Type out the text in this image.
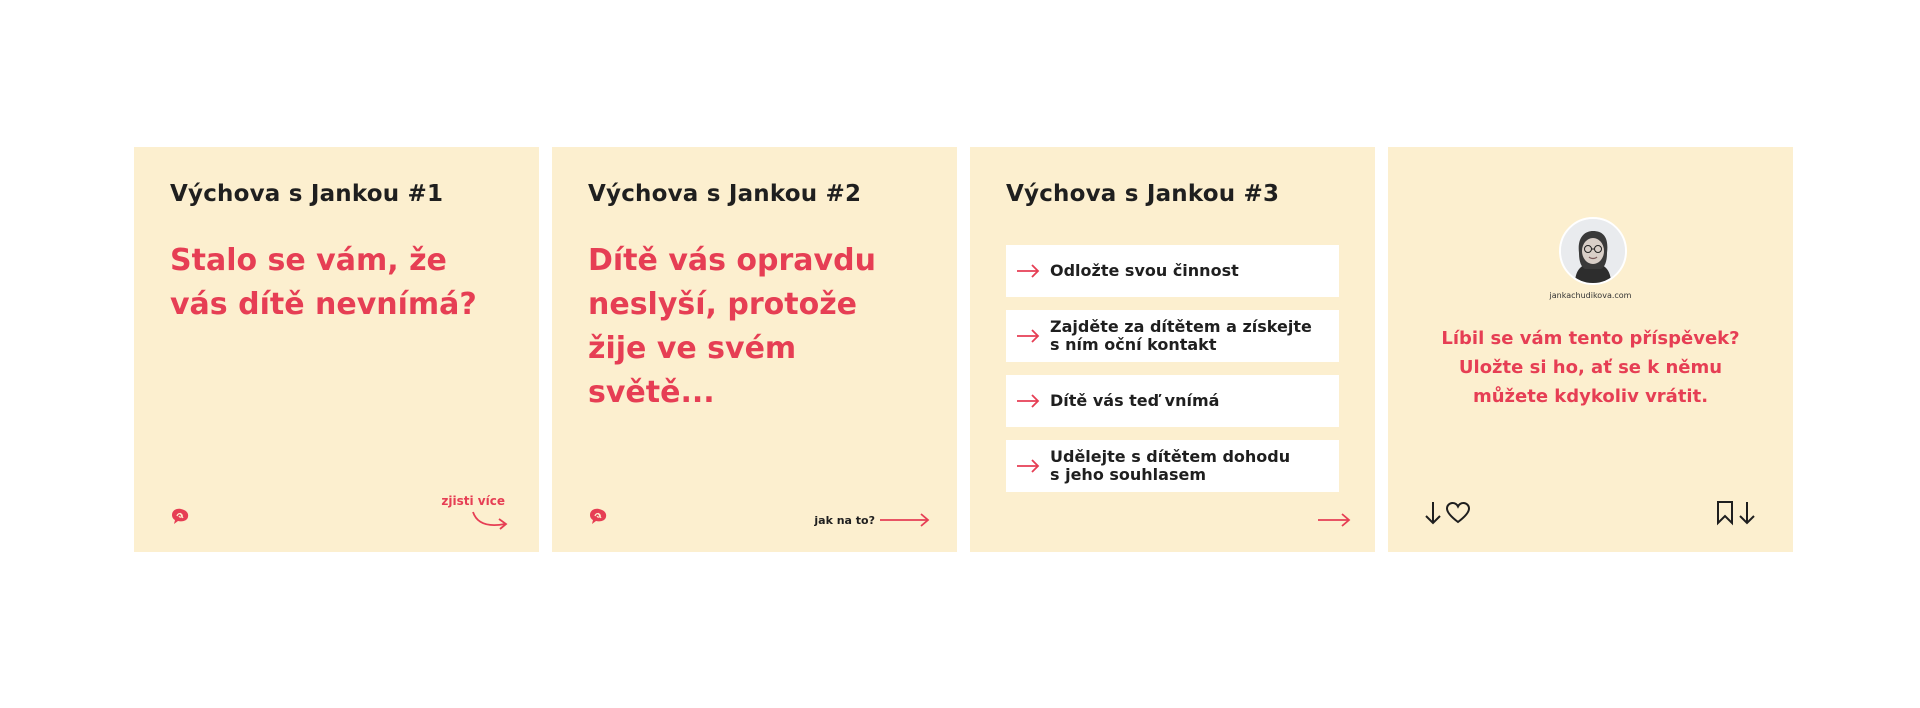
Výchova s Jankou #1
Stalo se vám, že vás dítě nevnímá?
zjisti více
Výchova s Jankou #2
Dítě vás opravdu neslyší, protože žije ve svém světě...
jak na to?
Výchova s Jankou #3
Odložte svou činnost
Zajděte za dítětem a získejte
s ním oční kontakt
Dítě vás teď vnímá
Udělejte s dítětem dohodu
s jeho souhlasem
jankachudikova.com
Líbil se vám tento příspěvek? Uložte si ho, ať se k němu můžete kdykoliv vrátit.
